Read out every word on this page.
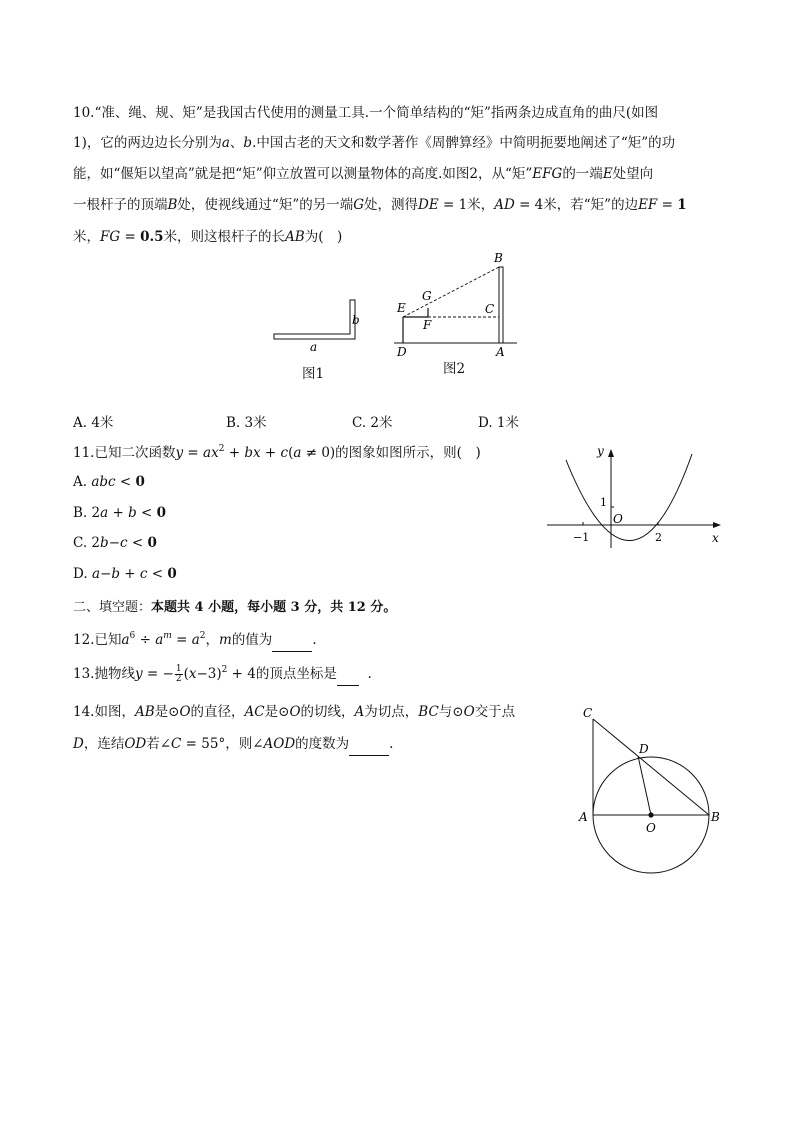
10.“准、绳、规、矩”是我国古代使用的测量工具.一个简单结构的“矩”指两条边成直角的曲尺(如图
1)，它的两边边长分别为a、b.中国古老的天文和数学著作《周髀算经》中简明扼要地阐述了“矩”的功
能，如“偃矩以望高”就是把“矩”仰立放置可以测量物体的高度.如图2，从“矩”EFG的一端E处望向
一根杆子的顶端B处，使视线通过“矩”的另一端G处，测得DE = 1米，AD = 4米，若“矩”的边EF = 1
米，FG = 0.5米，则这根杆子的长AB为(　)
b
a
图1
B
G
E	C
F
D	A
图2
A. 4米	B. 3米	C. 2米	D. 1米
11.已知二次函数$y = ax^2$ + bx + c(a ≠ 0)的图象如图所示，则(　)
A. abc < 0
B. 2a + b < 0
C. 2b−c < 0
D. a−b + c < 0
y
1
O
−1	2	x
二、填空题：本题共 4 小题，每小题 3 分，共 12 分。
12.已知$a^6 \div a^m = a^2$，m的值为	.
13.抛物线y = − $\frac{1}{2} (x-3)^2 + 4$的顶点坐标是 .
14.如图，AB是⊙O的直径，AC是⊙O的切线，A为切点，BC与⊙O交于点
D，连结OD若∠C = 55°，则∠AOD的度数为	.
C
D
A	B
O
